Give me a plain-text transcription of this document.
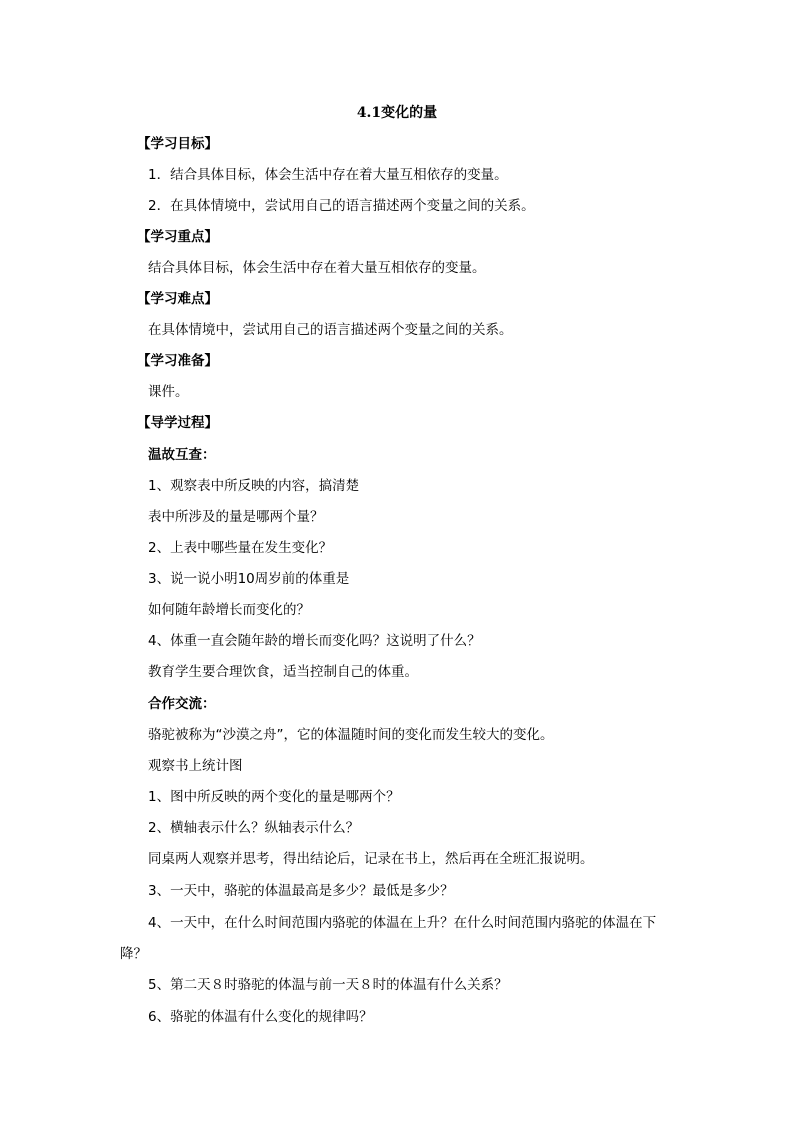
4.1变化的量
【学习目标】
1．结合具体目标，体会生活中存在着大量互相依存的变量。
2．在具体情境中，尝试用自己的语言描述两个变量之间的关系。
【学习重点】
结合具体目标，体会生活中存在着大量互相依存的变量。
【学习难点】
在具体情境中，尝试用自己的语言描述两个变量之间的关系。
【学习准备】
课件。
【导学过程】
温故互查：
1、观察表中所反映的内容，搞清楚
表中所涉及的量是哪两个量？
2、上表中哪些量在发生变化？
3、说一说小明10周岁前的体重是
如何随年龄增长而变化的？
4、体重一直会随年龄的增长而变化吗？这说明了什么？
教育学生要合理饮食，适当控制自己的体重。
合作交流：
骆驼被称为“沙漠之舟”，它的体温随时间的变化而发生较大的变化。
观察书上统计图
1、图中所反映的两个变化的量是哪两个？
2、横轴表示什么？纵轴表示什么？
同桌两人观察并思考，得出结论后，记录在书上，然后再在全班汇报说明。
3、一天中，骆驼的体温最高是多少？最低是多少？
4、一天中，在什么时间范围内骆驼的体温在上升？在什么时间范围内骆驼的体温在下
降？
5、第二天８时骆驼的体温与前一天８时的体温有什么关系？
6、骆驼的体温有什么变化的规律吗？
